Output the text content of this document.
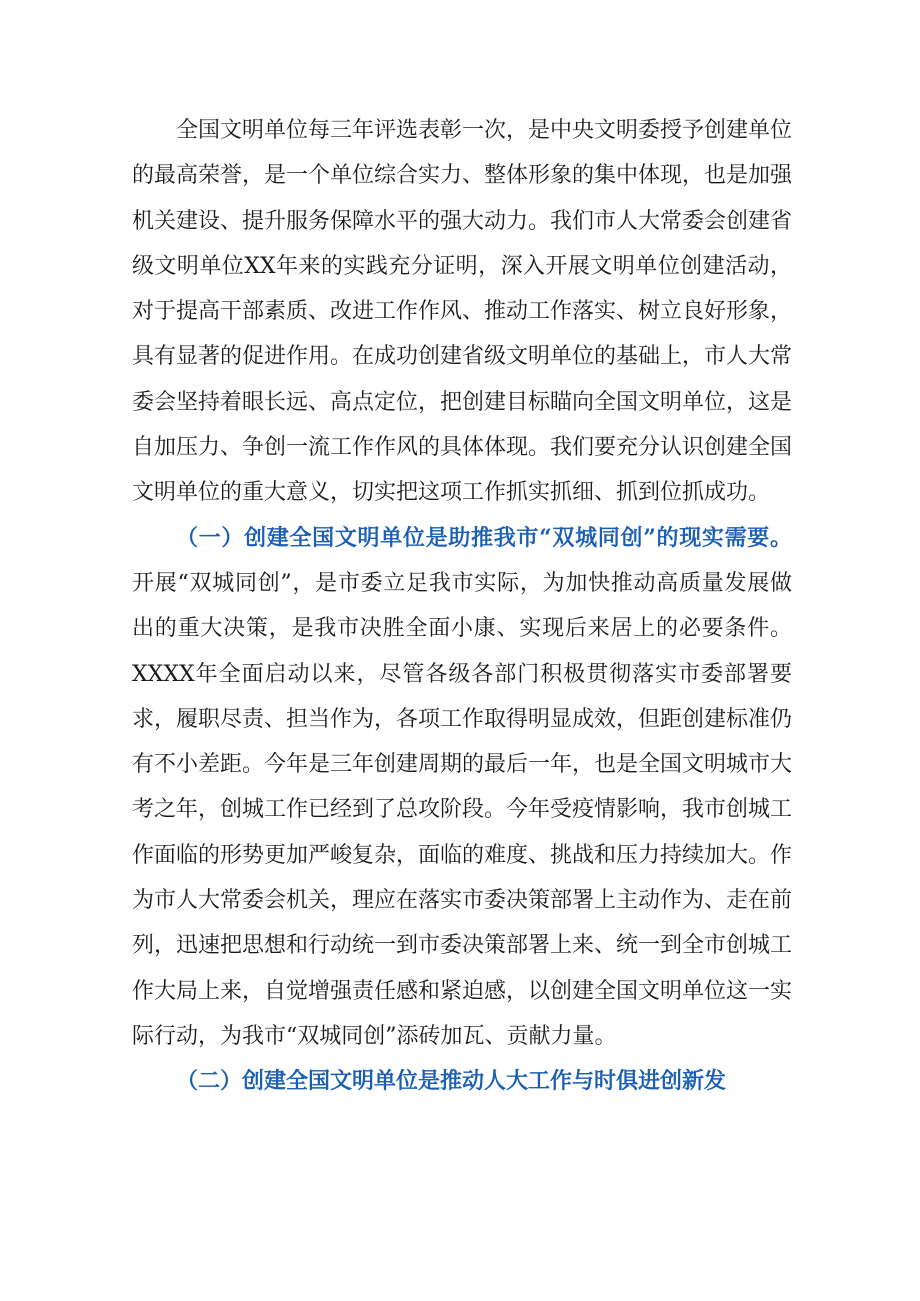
全国文明单位每三年评选表彰一次，是中央文明委授予创建单位的最高荣誉，是一个单位综合实力、整体形象的集中体现，也是加强机关建设、提升服务保障水平的强大动力。我们市人大常委会创建省级文明单位XX年来的实践充分证明，深入开展文明单位创建活动，对于提高干部素质、改进工作作风、推动工作落实、树立良好形象，具有显著的促进作用。在成功创建省级文明单位的基础上，市人大常委会坚持着眼长远、高点定位，把创建目标瞄向全国文明单位，这是自加压力、争创一流工作作风的具体体现。我们要充分认识创建全国文明单位的重大意义，切实把这项工作抓实抓细、抓到位抓成功。

（一）创建全国文明单位是助推我市“双城同创”的现实需要。开展“双城同创”，是市委立足我市实际，为加快推动高质量发展做出的重大决策，是我市决胜全面小康、实现后来居上的必要条件。XXXX年全面启动以来，尽管各级各部门积极贯彻落实市委部署要求，履职尽责、担当作为，各项工作取得明显成效，但距创建标准仍有不小差距。今年是三年创建周期的最后一年，也是全国文明城市大考之年，创城工作已经到了总攻阶段。今年受疫情影响，我市创城工作面临的形势更加严峻复杂，面临的难度、挑战和压力持续加大。作为市人大常委会机关，理应在落实市委决策部署上主动作为、走在前列，迅速把思想和行动统一到市委决策部署上来、统一到全市创城工作大局上来，自觉增强责任感和紧迫感，以创建全国文明单位这一实际行动，为我市“双城同创”添砖加瓦、贡献力量。

（二）创建全国文明单位是推动人大工作与时俱进创新发
